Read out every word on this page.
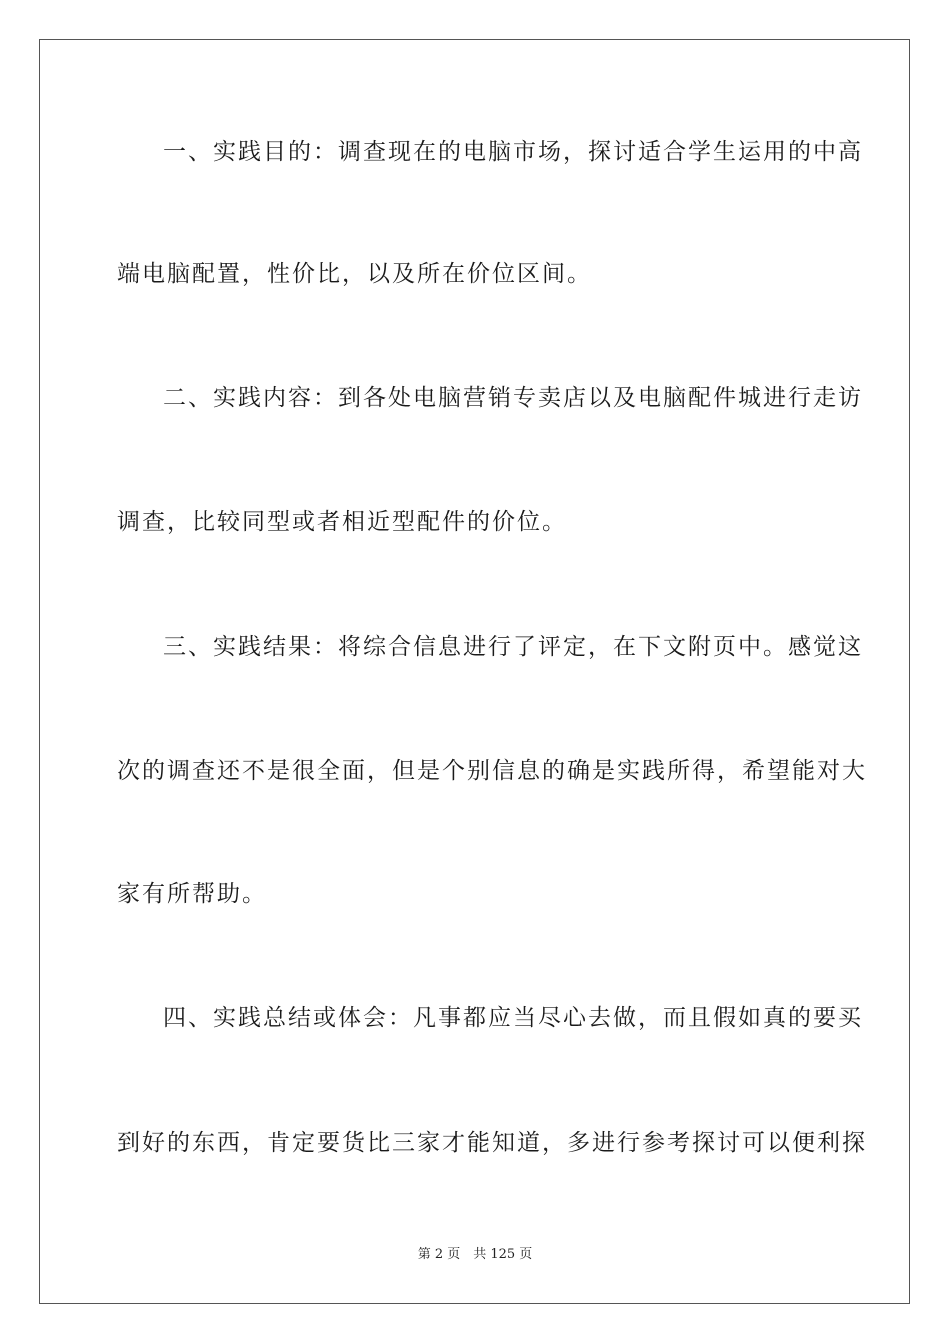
一、实践目的：调查现在的电脑市场，探讨适合学生运用的中高
端电脑配置，性价比，以及所在价位区间。
二、实践内容：到各处电脑营销专卖店以及电脑配件城进行走访
调查，比较同型或者相近型配件的价位。
三、实践结果：将综合信息进行了评定，在下文附页中。感觉这
次的调查还不是很全面，但是个别信息的确是实践所得，希望能对大
家有所帮助。
四、实践总结或体会：凡事都应当尽心去做，而且假如真的要买
到好的东西，肯定要货比三家才能知道，多进行参考探讨可以便利探
第 2 页　共 125 页
